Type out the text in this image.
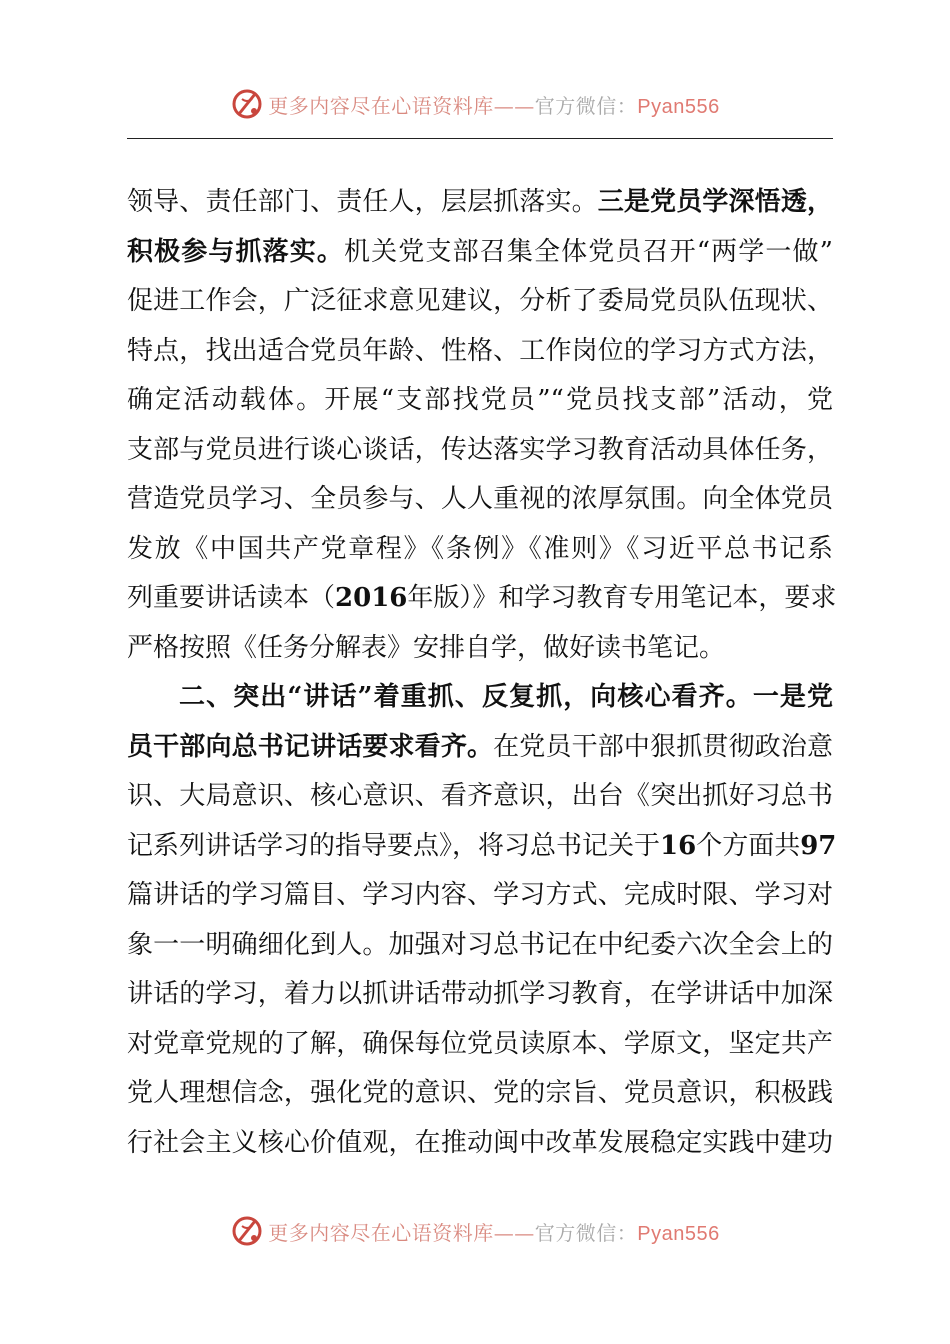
更多内容尽在心语资料库——官方微信：Pyan556
领导、责任部门、责任人，层层抓落实。三是党员学深悟透，
积极参与抓落实。机关党支部召集全体党员召开“两学一做”
促进工作会，广泛征求意见建议，分析了委局党员队伍现状、
特点，找出适合党员年龄、性格、工作岗位的学习方式方法，
确定活动载体。开展“支部找党员”“党员找支部”活动，党
支部与党员进行谈心谈话，传达落实学习教育活动具体任务，
营造党员学习、全员参与、人人重视的浓厚氛围。向全体党员
发放《中国共产党章程》《条例》《准则》《习近平总书记系
列重要讲话读本（2016年版）》和学习教育专用笔记本，要求
严格按照《任务分解表》安排自学，做好读书笔记。
二、突出“讲话”着重抓、反复抓，向核心看齐。一是党
员干部向总书记讲话要求看齐。在党员干部中狠抓贯彻政治意
识、大局意识、核心意识、看齐意识，出台《突出抓好习总书
记系列讲话学习的指导要点》，将习总书记关于16个方面共97
篇讲话的学习篇目、学习内容、学习方式、完成时限、学习对
象一一明确细化到人。加强对习总书记在中纪委六次全会上的
讲话的学习，着力以抓讲话带动抓学习教育，在学讲话中加深
对党章党规的了解，确保每位党员读原本、学原文，坚定共产
党人理想信念，强化党的意识、党的宗旨、党员意识，积极践
行社会主义核心价值观，在推动闽中改革发展稳定实践中建功
更多内容尽在心语资料库——官方微信：Pyan556
